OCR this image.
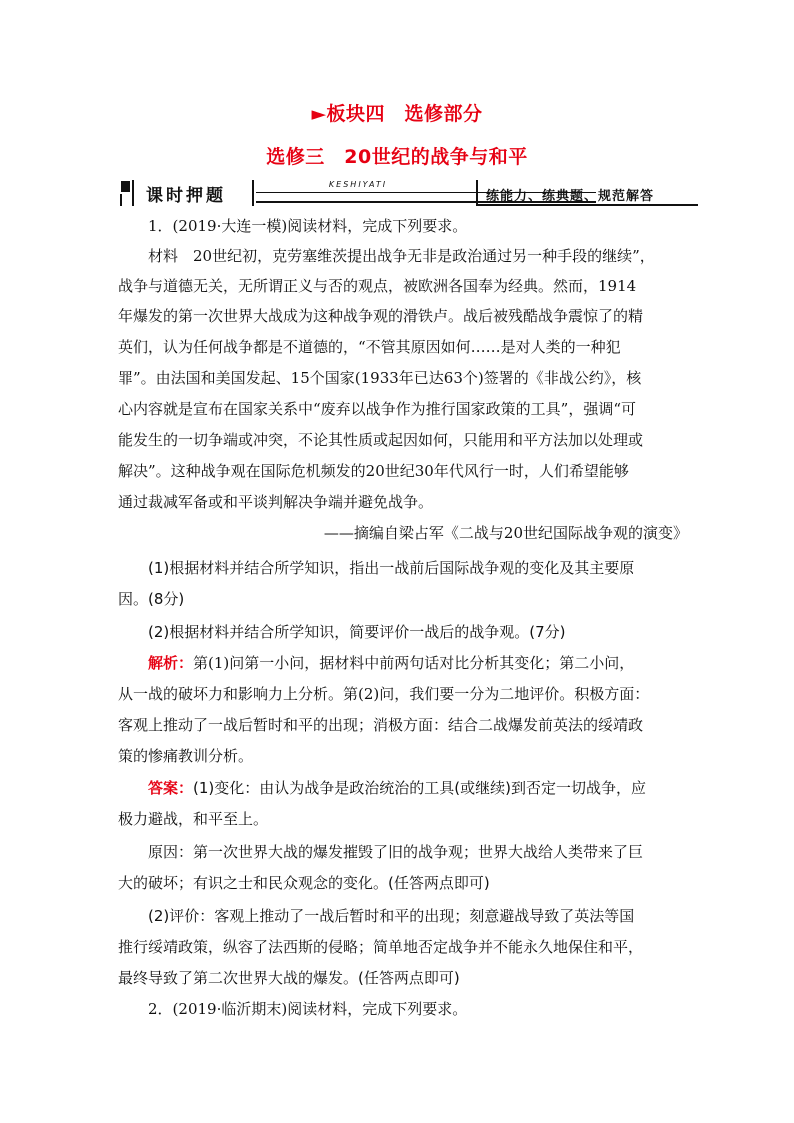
►板块四　选修部分
选修三　20世纪的战争与和平
课时押题
KESHIYATI
练能力、练典题、规范解答
1．(2019·大连一模)阅读材料，完成下列要求。
材料　20世纪初，克劳塞维茨提出战争无非是政治通过另一种手段的继续”，
战争与道德无关，无所谓正义与否的观点，被欧洲各国奉为经典。然而，1914
年爆发的第一次世界大战成为这种战争观的滑铁卢。战后被残酷战争震惊了的精
英们，认为任何战争都是不道德的，“不管其原因如何……是对人类的一种犯
罪”。由法国和美国发起、15个国家(1933年已达63个)签署的《非战公约》，核
心内容就是宣布在国家关系中“废弃以战争作为推行国家政策的工具”，强调“可
能发生的一切争端或冲突，不论其性质或起因如何，只能用和平方法加以处理或
解决”。这种战争观在国际危机频发的20世纪30年代风行一时，人们希望能够
通过裁减军备或和平谈判解决争端并避免战争。
——摘编自梁占军《二战与20世纪国际战争观的演变》
(1)根据材料并结合所学知识，指出一战前后国际战争观的变化及其主要原
因。(8分)
(2)根据材料并结合所学知识，简要评价一战后的战争观。(7分)
解析：第(1)问第一小问，据材料中前两句话对比分析其变化；第二小问，
从一战的破坏力和影响力上分析。第(2)问，我们要一分为二地评价。积极方面：
客观上推动了一战后暂时和平的出现；消极方面：结合二战爆发前英法的绥靖政
策的惨痛教训分析。
答案：(1)变化：由认为战争是政治统治的工具(或继续)到否定一切战争，应
极力避战，和平至上。
原因：第一次世界大战的爆发摧毁了旧的战争观；世界大战给人类带来了巨
大的破坏；有识之士和民众观念的变化。(任答两点即可)
(2)评价：客观上推动了一战后暂时和平的出现；刻意避战导致了英法等国
推行绥靖政策，纵容了法西斯的侵略；简单地否定战争并不能永久地保住和平，
最终导致了第二次世界大战的爆发。(任答两点即可)
2．(2019·临沂期末)阅读材料，完成下列要求。
